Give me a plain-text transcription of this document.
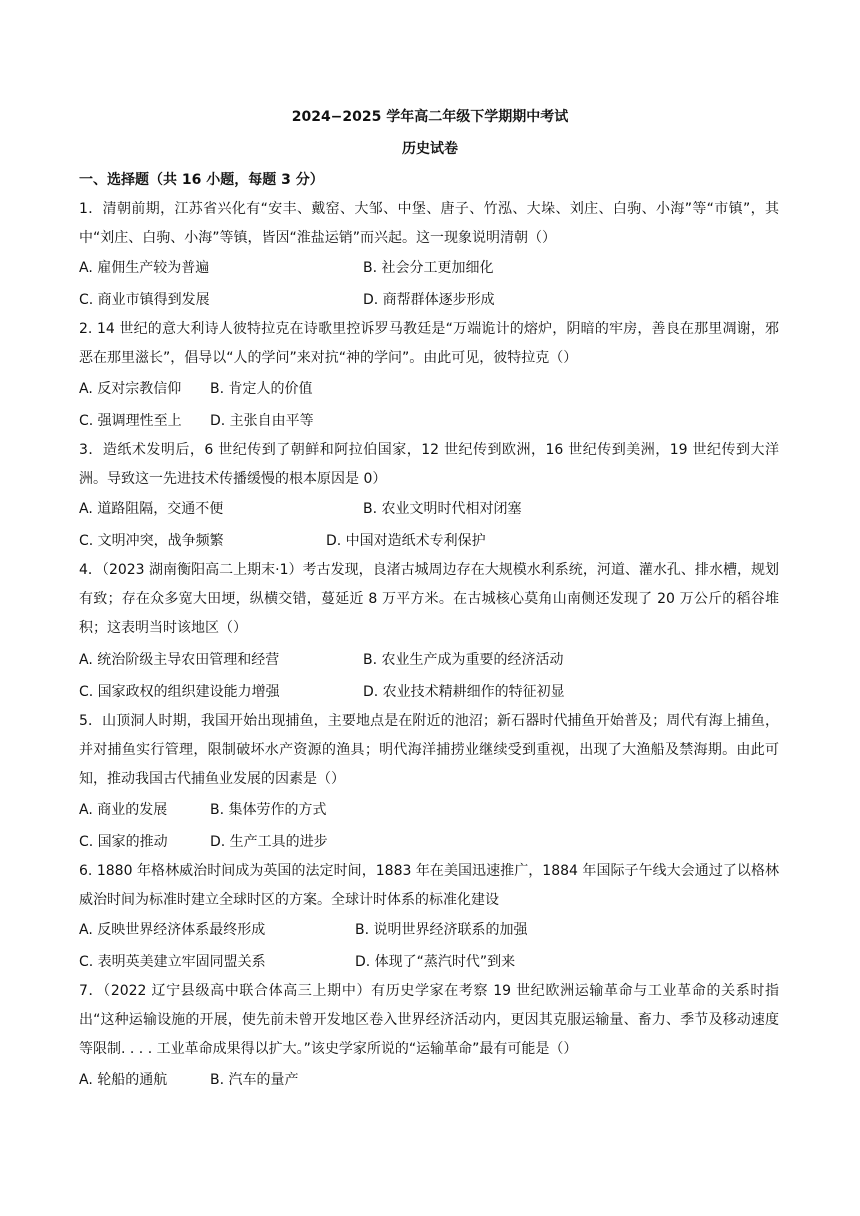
2024−2025 学年高二年级下学期期中考试
历史试卷
一、选择题（共 16 小题，每题 3 分）
1．清朝前期，江苏省兴化有“安丰、戴窑、大邹、中堡、唐子、竹泓、大垛、刘庄、白驹、小海”等“市镇”，其中“刘庄、白驹、小海”等镇，皆因“淮盐运销”而兴起。这一现象说明清朝（）
A. 雇佣生产较为普遍	B. 社会分工更加细化
C. 商业市镇得到发展	D. 商帮群体逐步形成
2. 14 世纪的意大利诗人彼特拉克在诗歌里控诉罗马教廷是“万端诡计的熔炉，阴暗的牢房，善良在那里凋谢，邪恶在那里滋长”，倡导以“人的学问”来对抗“神的学问”。由此可见，彼特拉克（）
A. 反对宗教信仰 B. 肯定人的价值
C. 强调理性至上 D. 主张自由平等
3．造纸术发明后，6 世纪传到了朝鲜和阿拉伯国家，12 世纪传到欧洲，16 世纪传到美洲，19 世纪传到大洋洲。导致这一先进技术传播缓慢的根本原因是 0）
A. 道路阻隔，交通不便	B. 农业文明时代相对闭塞
C. 文明冲突，战争频繁	D. 中国对造纸术专利保护
4．（2023 湖南衡阳高二上期末·1）考古发现，良渚古城周边存在大规模水利系统，河道、灌水孔、排水槽，规划有致；存在众多宽大田埂，纵横交错，蔓延近 8 万平方米。在古城核心莫角山南侧还发现了 20 万公斤的稻谷堆积；这表明当时该地区（）
A. 统治阶级主导农田管理和经营	B. 农业生产成为重要的经济活动
C. 国家政权的组织建设能力增强	D. 农业技术精耕细作的特征初显
5．山顶洞人时期，我国开始出现捕鱼，主要地点是在附近的池沼；新石器时代捕鱼开始普及；周代有海上捕鱼，并对捕鱼实行管理，限制破坏水产资源的渔具；明代海洋捕捞业继续受到重视，出现了大渔船及禁海期。由此可知，推动我国古代捕鱼业发展的因素是（）
A. 商业的发展	B. 集体劳作的方式
C. 国家的推动	D. 生产工具的进步
6. 1880 年格林威治时间成为英国的法定时间，1883 年在美国迅速推广，1884 年国际子午线大会通过了以格林威治时间为标准时建立全球时区的方案。全球计时体系的标准化建设
A. 反映世界经济体系最终形成	B. 说明世界经济联系的加强
C. 表明英美建立牢固同盟关系	D. 体现了“蒸汽时代”到来
7．（2022 辽宁县级高中联合体高三上期中）有历史学家在考察 19 世纪欧洲运输革命与工业革命的关系时指出“这种运输设施的开展，使先前未曾开发地区卷入世界经济活动内，更因其克服运输量、畜力、季节及移动速度等限制. . . . 工业革命成果得以扩大。”该史学家所说的“运输革命”最有可能是（）
A. 轮船的通航	B. 汽车的量产
